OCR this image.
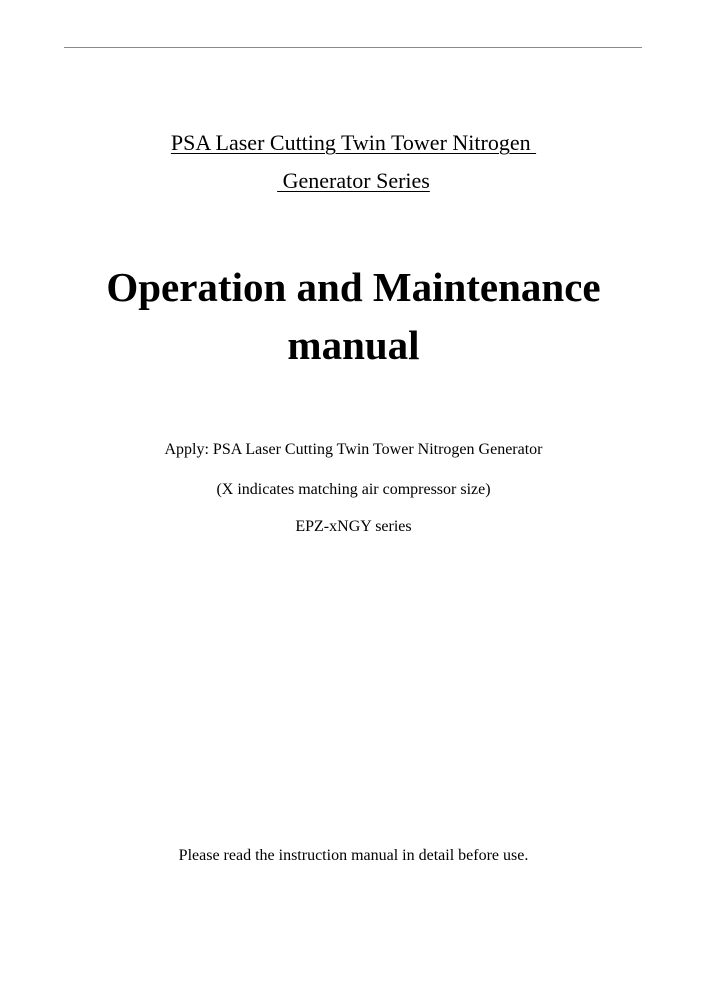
PSA Laser Cutting Twin Tower Nitrogen
Generator Series
Operation and Maintenance
manual
Apply: PSA Laser Cutting Twin Tower Nitrogen Generator
(X indicates matching air compressor size)
EPZ-xNGY series
Please read the instruction manual in detail before use.
